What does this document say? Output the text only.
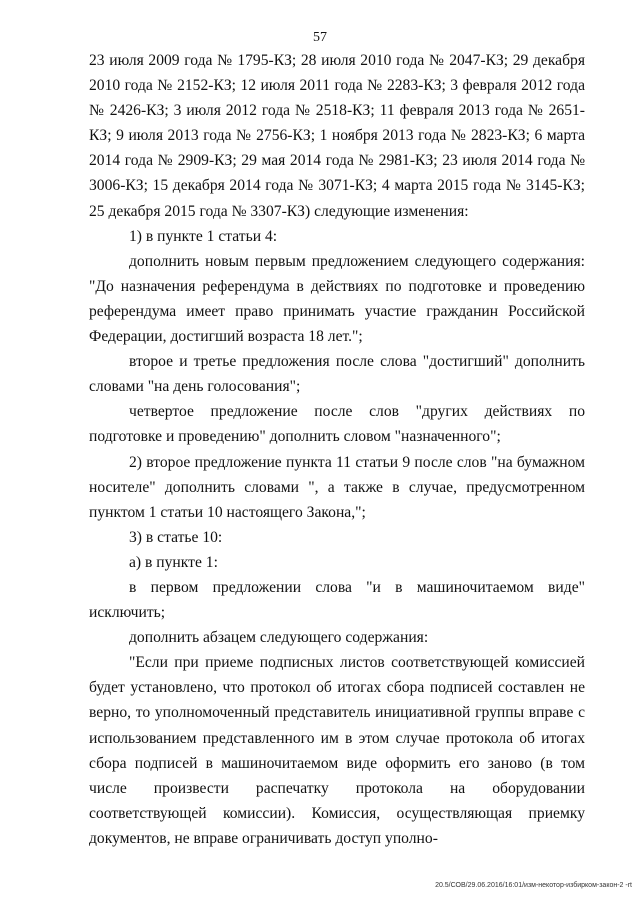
57

23 июля 2009 года № 1795-КЗ; 28 июля 2010 года № 2047-КЗ; 29 декабря 2010 года № 2152-КЗ; 12 июля 2011 года № 2283-КЗ; 3 февраля 2012 года № 2426-КЗ; 3 июля 2012 года № 2518-КЗ; 11 февраля 2013 года № 2651-КЗ; 9 июля 2013 года № 2756-КЗ; 1 ноября 2013 года № 2823-КЗ; 6 марта 2014 года № 2909-КЗ; 29 мая 2014 года № 2981-КЗ; 23 июля 2014 года № 3006-КЗ; 15 декабря 2014 года № 3071-КЗ; 4 марта 2015 года № 3145-КЗ; 25 декабря 2015 года № 3307-КЗ) следующие изменения:

1) в пункте 1 статьи 4:

дополнить новым первым предложением следующего содержания: "До назначения референдума в действиях по подготовке и проведению референдума имеет право принимать участие гражданин Российской Федерации, достигший возраста 18 лет.";

второе и третье предложения после слова "достигший" дополнить словами "на день голосования";

четвертое предложение после слов "других действиях по подготовке и проведению" дополнить словом "назначенного";

2) второе предложение пункта 11 статьи 9 после слов "на бумажном носителе" дополнить словами ", а также в случае, предусмотренном пунктом 1 статьи 10 настоящего Закона,";

3) в статье 10:

а) в пункте 1:

в первом предложении слова "и в машиночитаемом виде" исключить;

дополнить абзацем следующего содержания:

"Если при приеме подписных листов соответствующей комиссией будет установлено, что протокол об итогах сбора подписей составлен не верно, то уполномоченный представитель инициативной группы вправе с использованием представленного им в этом случае протокола об итогах сбора подписей в машиночитаемом виде оформить его заново (в том числе произвести распечатку протокола на оборудовании соответствующей комиссии). Комиссия, осуществляющая приемку документов, не вправе ограничивать доступ уполно-

20.5/СОВ/29.06.2016/16:01/изм-некотор-избирком-закон-2 -rt
